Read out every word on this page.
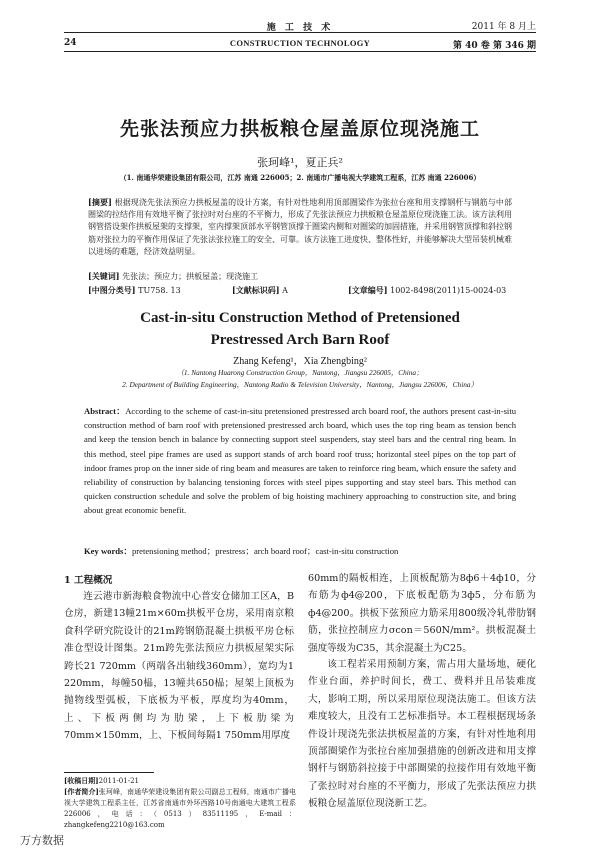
施 工 技 术	2011 年 8 月上
24	CONSTRUCTION TECHNOLOGY	第 40 卷 第 346 期
先张法预应力拱板粮仓屋盖原位现浇施工
张珂峰¹，夏正兵²
（1. 南通华荣建设集团有限公司，江苏 南通 226005；2. 南通市广播电视大学建筑工程系，江苏 南通 226006）
[摘要] 根据现浇先张法预应力拱板屋盖的设计方案，有针对性地利用顶部圈梁作为张拉台座和用支撑钢杆与钢筋与中部圈梁的拉结作用有效地平衡了张拉时对台座的不平衡力，形成了先张法预应力拱板粮仓屋盖原位现浇施工法。该方法利用钢管搭设架作拱板屋架的支撑架，室内撑架顶部水平钢管顶撑于圈梁内侧和对圈梁的加固措施，并采用钢管顶撑和斜拉钢筋对张拉力的平衡作用保证了先张法张拉施工的安全、可靠。该方法施工进度快、整体性好，并能够解决大型吊装机械难以进场的难题，经济效益明显。
[关键词] 先张法；预应力；拱板屋盖；现浇施工
[中图分类号] TU758. 13	[文献标识码] A	[文章编号] 1002-8498(2011)15-0024-03
Cast-in-situ Construction Method of Pretensioned
Prestressed Arch Barn Roof
Zhang Kefeng¹，Xia Zhengbing²
（1. Nantong Huarong Construction Group，Nantong，Jiangsu 226005，China；
2. Department of Building Engineering，Nantong Radio & Television University，Nantong，Jiangsu 226006，China）
Abstract：According to the scheme of cast-in-situ pretensioned prestressed arch board roof, the authors present cast-in-situ construction method of barn roof with pretensioned prestressed arch board, which uses the top ring beam as tension bench and keep the tension bench in balance by connecting support steel suspenders, stay steel bars and the central ring beam. In this method, steel pipe frames are used as support stands of arch board roof truss; horizontal steel pipes on the top part of indoor frames prop on the inner side of ring beam and measures are taken to reinforce ring beam, which ensure the safety and reliability of construction by balancing tensioning forces with steel pipes supporting and stay steel bars. This method can quicken construction schedule and solve the problem of big hoisting machinery approaching to construction site, and bring about great economic benefit.
Key words：pretensioning method；prestress；arch board roof；cast-in-situ construction
1 工程概况
连云港市新海粮食物流中心普安仓储加工区A，B仓房，新建13幢21m×60m拱板平仓房，采用南京粮食科学研究院设计的21m跨钢筋混凝土拱板平房仓标准仓型设计图集。21m跨先张法预应力拱板屋架实际跨长21 720mm（两端各出轴线360mm），宽均为1 220mm，每幢50榀，13幢共650榀；屋架上顶板为抛物线型弧板，下底板为平板，厚度均为40mm，上、下板两侧均为肋梁，上下板肋梁为70mm×150mm，上、下板间每隔1 750mm用厚度
[收稿日期]2011-01-21
[作者简介]张珂峰，南通华荣建设集团有限公司副总工程师，南通市广播电视大学建筑工程系主任，江苏省南通市外环西路10号南通电大建筑工程系 226006，电话：（0513）83511195，E-mail：zhangkefeng2210@163.com
60mm的隔板相连，上顶板配筋为8ф6＋4ф10，分布筋为ф4@200，下底板配筋为3ф5，分布筋为ф4@200。拱板下弦预应力筋采用800级冷轧带肋钢筋，张拉控制应力σcon＝560N/mm²。拱板混凝土强度等级为C35，其余混凝土为C25。
该工程若采用预制方案，需占用大量场地，硬化作业台面，养护时间长，费工、费料并且吊装难度大，影响工期，所以采用原位现浇法施工。但该方法难度较大，且没有工艺标准指导。本工程根据现场条件设计现浇先张法拱板屋盖的方案，有针对性地利用顶部圈梁作为张拉台座加强措施的创新改进和用支撑钢杆与钢筋斜拉接于中部圈梁的拉接作用有效地平衡了张拉时对台座的不平衡力，形成了先张法预应力拱板粮仓屋盖原位现浇新工艺。
万方数据
